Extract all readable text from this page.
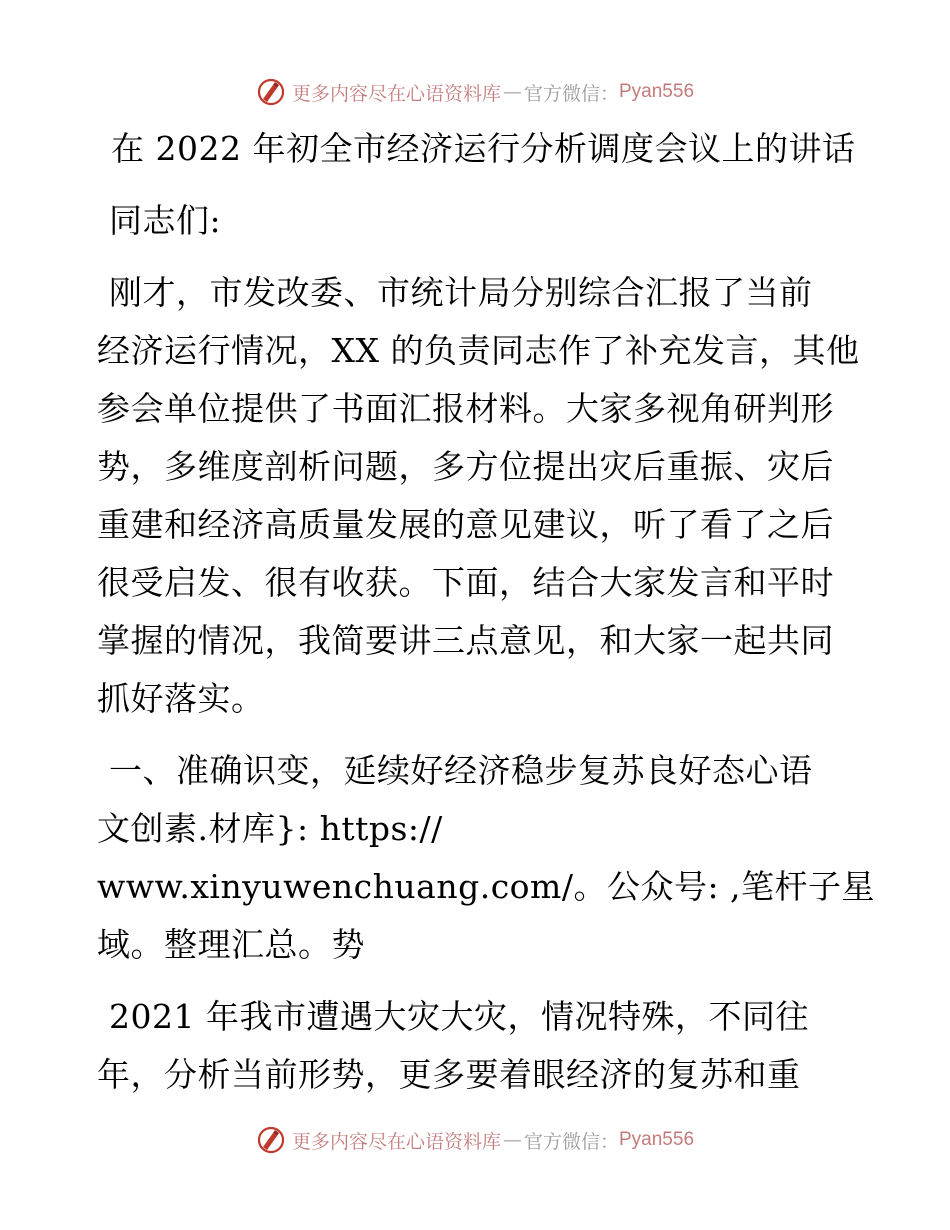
更多内容尽在心语资料库 — 官方微信： Pyan556
在 2022 年初全市经济运行分析调度会议上的讲话
同志们:
刚才，市发改委、市统计局分别综合汇报了当前
经济运行情况，XX 的负责同志作了补充发言，其他
参会单位提供了书面汇报材料。大家多视角研判形
势，多维度剖析问题，多方位提出灾后重振、灾后
重建和经济高质量发展的意见建议，听了看了之后
很受启发、很有收获。下面，结合大家发言和平时
掌握的情况，我简要讲三点意见，和大家一起共同
抓好落实。
一、准确识变，延续好经济稳步复苏良好态心语
文创素.材库}: https://
www.xinyuwenchuang.com/。公众号: ,笔杆子星
域。整理汇总。势
2021 年我市遭遇大灾大灾，情况特殊，不同往
年，分析当前形势，更多要着眼经济的复苏和重
更多内容尽在心语资料库 — 官方微信： Pyan556
